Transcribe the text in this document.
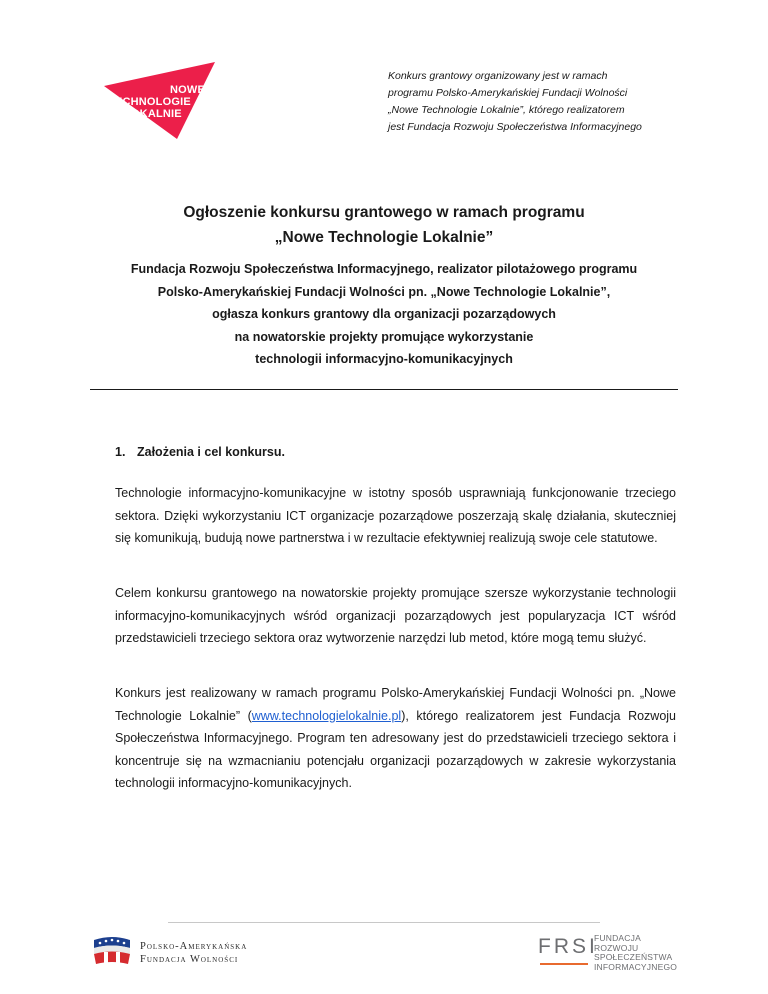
NOWE
TECHNOLOGIE
LOKALNIE
Konkurs grantowy organizowany jest w ramach
programu Polsko-Amerykańskiej Fundacji Wolności
„Nowe Technologie Lokalnie”, którego realizatorem
jest Fundacja Rozwoju Społeczeństwa Informacyjnego
Ogłoszenie konkursu grantowego w ramach programu
„Nowe Technologie Lokalnie”
Fundacja Rozwoju Społeczeństwa Informacyjnego, realizator pilotażowego programu
Polsko-Amerykańskiej Fundacji Wolności pn. „Nowe Technologie Lokalnie”,
ogłasza konkurs grantowy dla organizacji pozarządowych
na nowatorskie projekty promujące wykorzystanie
technologii informacyjno-komunikacyjnych
1. Założenia i cel konkursu.
Technologie informacyjno-komunikacyjne w istotny sposób usprawniają funkcjonowanie trzeciego sektora. Dzięki wykorzystaniu ICT organizacje pozarządowe poszerzają skalę działania, skuteczniej się komunikują, budują nowe partnerstwa i w rezultacie efektywniej realizują swoje cele statutowe.
Celem konkursu grantowego na nowatorskie projekty promujące szersze wykorzystanie technologii informacyjno-komunikacyjnych wśród organizacji pozarządowych jest popularyzacja ICT wśród przedstawicieli trzeciego sektora oraz wytworzenie narzędzi lub metod, które mogą temu służyć.
Konkurs jest realizowany w ramach programu Polsko-Amerykańskiej Fundacji Wolności pn. „Nowe Technologie Lokalnie” (www.technologielokalnie.pl), którego realizatorem jest Fundacja Rozwoju Społeczeństwa Informacyjnego. Program ten adresowany jest do przedstawicieli trzeciego sektora i koncentruje się na wzmacnianiu potencjału organizacji pozarządowych w zakresie wykorzystania technologii informacyjno-komunikacyjnych.
Polsko-Amerykańska
Fundacja Wolności
FRSI
FUNDACJA
ROZWOJU
SPOŁECZEŃSTWA
INFORMACYJNEGO
